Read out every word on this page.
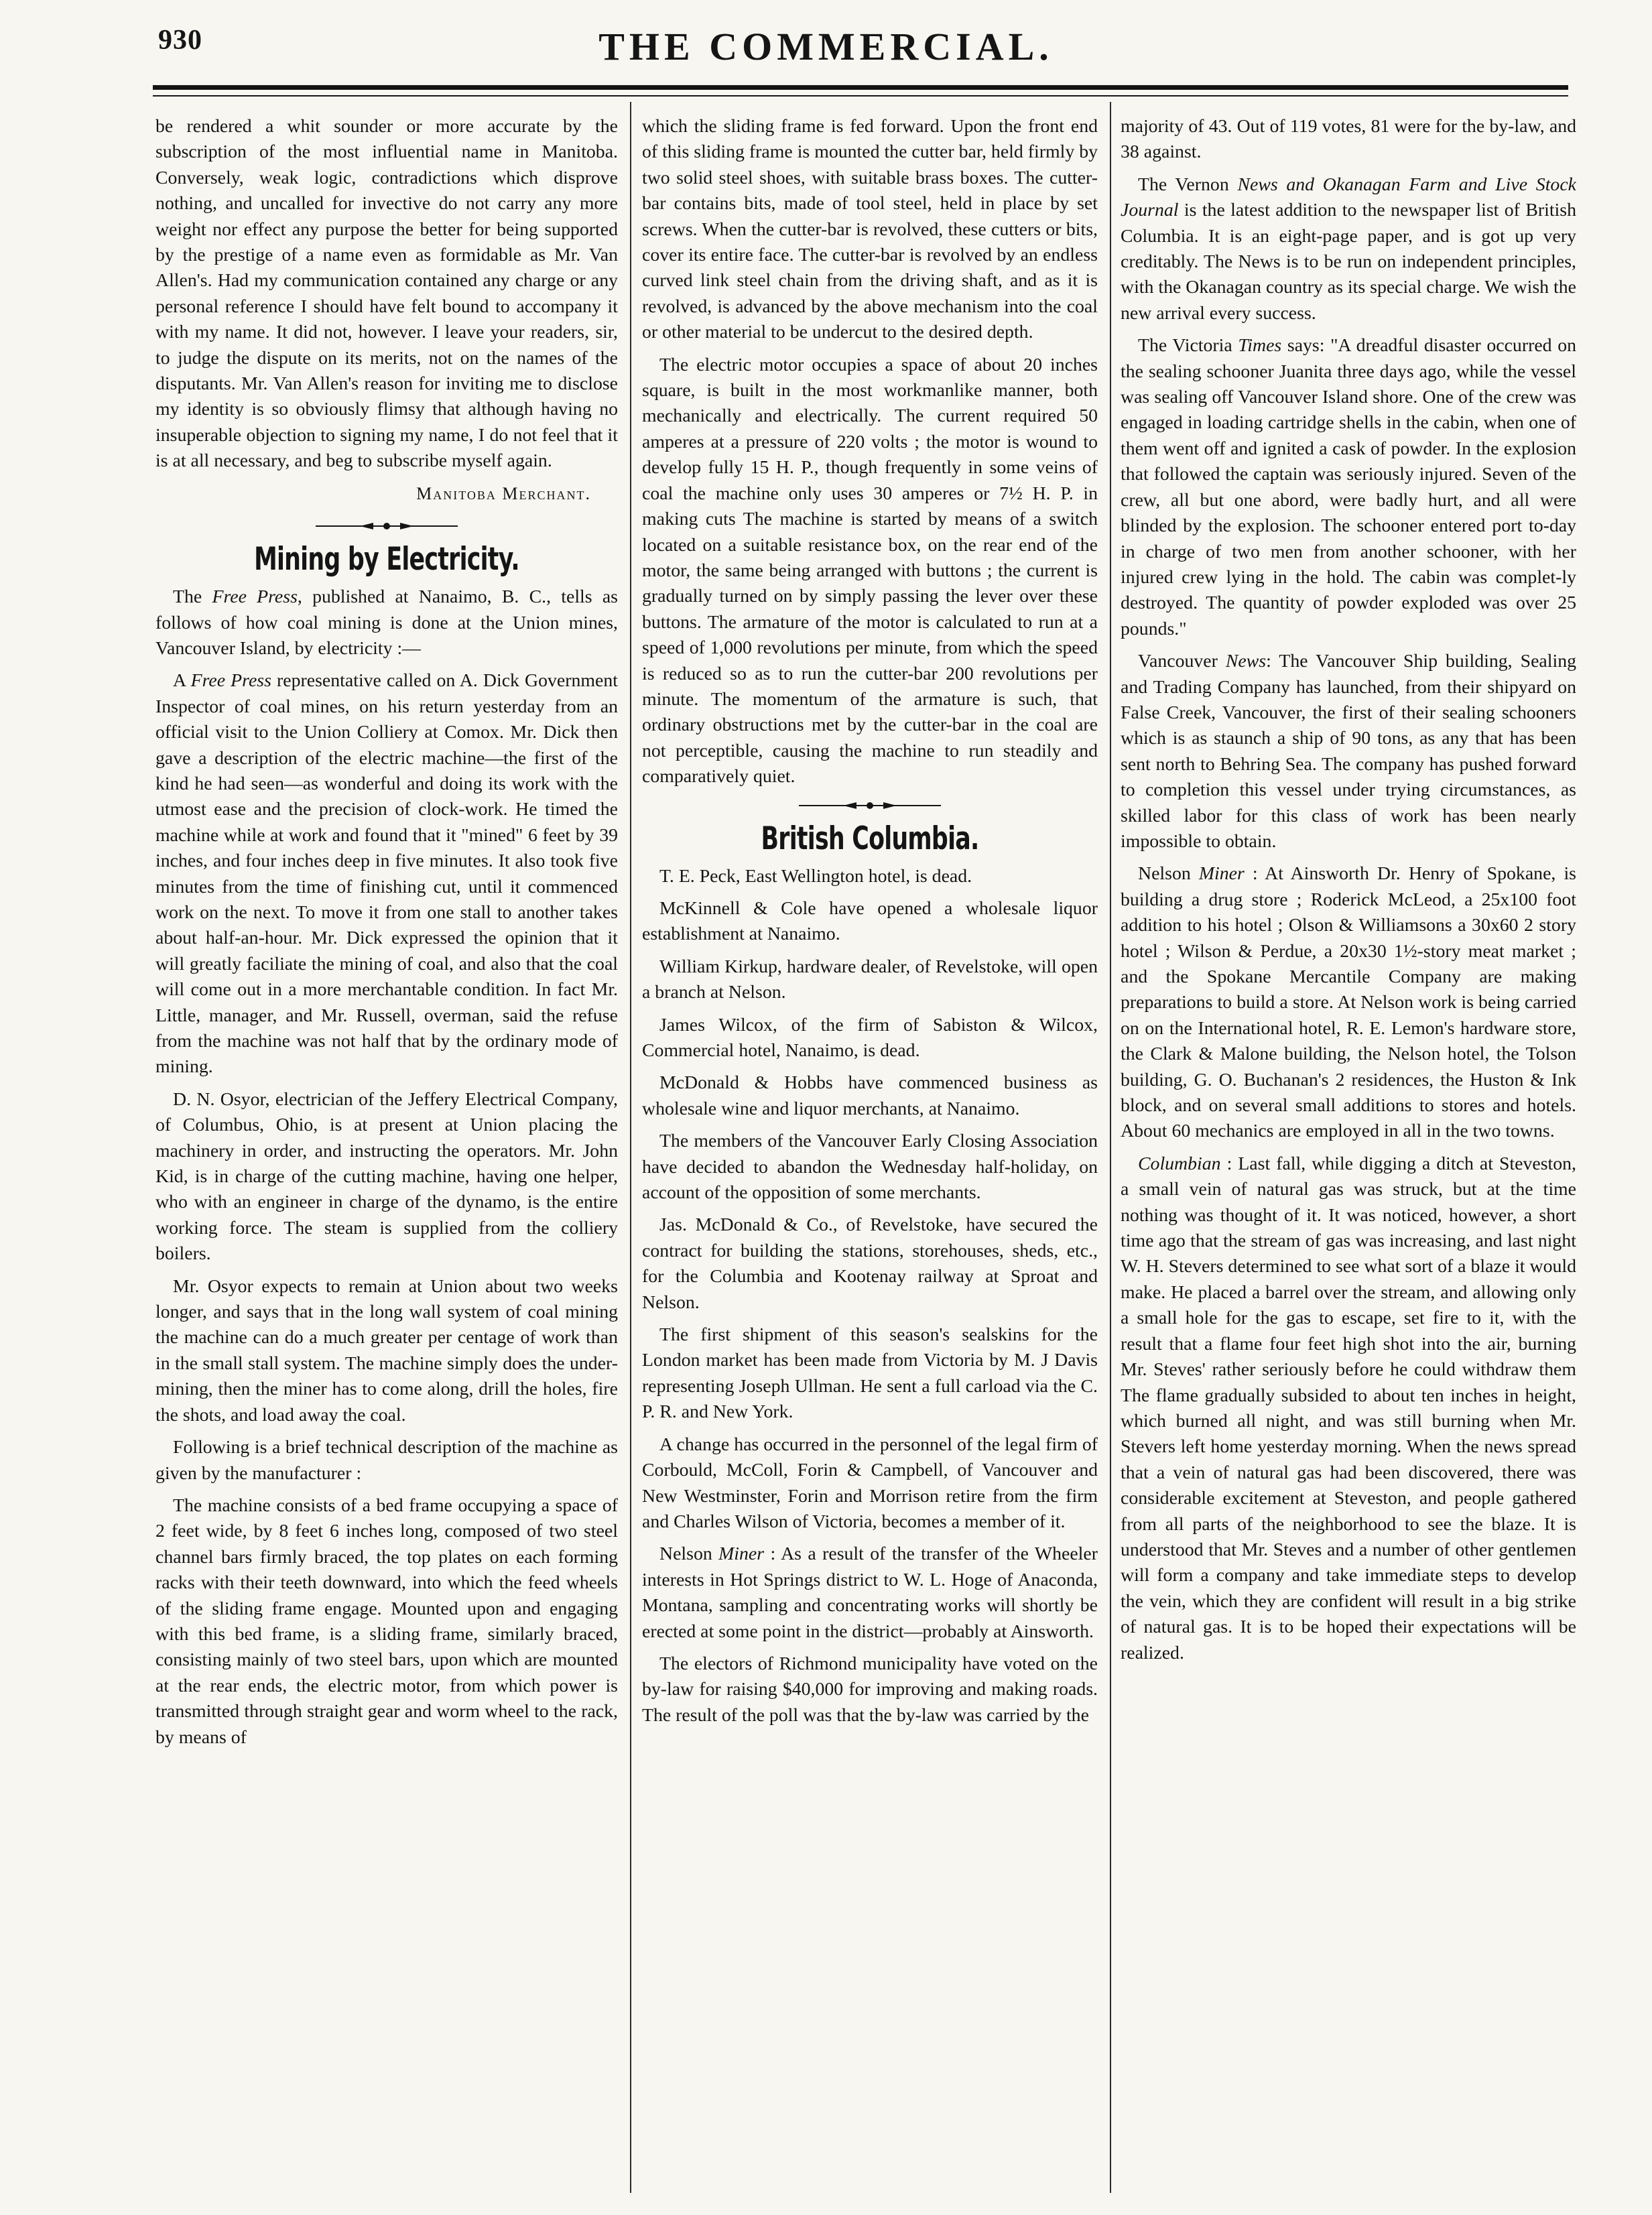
930	THE COMMERCIAL.

be rendered a whit sounder or more accurate by the subscription of the most influential name in Manitoba. Conversely, weak logic, contradictions which disprove nothing, and uncalled for invective do not carry any more weight nor effect any purpose the better for being supported by the prestige of a name even as formidable as Mr. Van Allen's. Had my communication contained any charge or any personal reference I should have felt bound to accompany it with my name. It did not, however. I leave your readers, sir, to judge the dispute on its merits, not on the names of the disputants. Mr. Van Allen's reason for inviting me to disclose my identity is so obviously flimsy that although having no insuperable objection to signing my name, I do not feel that it is at all necessary, and beg to subscribe myself again.

Manitoba Merchant.
Mining by Electricity.

The Free Press, published at Nanaimo, B. C., tells as follows of how coal mining is done at the Union mines, Vancouver Island, by electricity :—

A Free Press representative called on A. Dick Government Inspector of coal mines, on his return yesterday from an official visit to the Union Colliery at Comox. Mr. Dick then gave a description of the electric machine—the first of the kind he had seen—as wonderful and doing its work with the utmost ease and the precision of clock-work. He timed the machine while at work and found that it "mined" 6 feet by 39 inches, and four inches deep in five minutes. It also took five minutes from the time of finishing cut, until it commenced work on the next. To move it from one stall to another takes about half-an-hour. Mr. Dick expressed the opinion that it will greatly faciliate the mining of coal, and also that the coal will come out in a more merchantable condition. In fact Mr. Little, manager, and Mr. Russell, overman, said the refuse from the machine was not half that by the ordinary mode of mining.

D. N. Osyor, electrician of the Jeffery Electrical Company, of Columbus, Ohio, is at present at Union placing the machinery in order, and instructing the operators. Mr. John Kid, is in charge of the cutting machine, having one helper, who with an engineer in charge of the dynamo, is the entire working force. The steam is supplied from the colliery boilers.

Mr. Osyor expects to remain at Union about two weeks longer, and says that in the long wall system of coal mining the machine can do a much greater per centage of work than in the small stall system. The machine simply does the under-mining, then the miner has to come along, drill the holes, fire the shots, and load away the coal.

Following is a brief technical description of the machine as given by the manufacturer :

The machine consists of a bed frame occupying a space of 2 feet wide, by 8 feet 6 inches long, composed of two steel channel bars firmly braced, the top plates on each forming racks with their teeth downward, into which the feed wheels of the sliding frame engage. Mounted upon and engaging with this bed frame, is a sliding frame, similarly braced, consisting mainly of two steel bars, upon which are mounted at the rear ends, the electric motor, from which power is transmitted through straight gear and worm wheel to the rack, by means of

which the sliding frame is fed forward. Upon the front end of this sliding frame is mounted the cutter bar, held firmly by two solid steel shoes, with suitable brass boxes. The cutter-bar contains bits, made of tool steel, held in place by set screws. When the cutter-bar is revolved, these cutters or bits, cover its entire face. The cutter-bar is revolved by an endless curved link steel chain from the driving shaft, and as it is revolved, is advanced by the above mechanism into the coal or other material to be undercut to the desired depth.

The electric motor occupies a space of about 20 inches square, is built in the most workmanlike manner, both mechanically and electrically. The current required 50 amperes at a pressure of 220 volts ; the motor is wound to develop fully 15 H. P., though frequently in some veins of coal the machine only uses 30 amperes or 7½ H. P. in making cuts The machine is started by means of a switch located on a suitable resistance box, on the rear end of the motor, the same being arranged with buttons ; the current is gradually turned on by simply passing the lever over these buttons. The armature of the motor is calculated to run at a speed of 1,000 revolutions per minute, from which the speed is reduced so as to run the cutter-bar 200 revolutions per minute. The momentum of the armature is such, that ordinary obstructions met by the cutter-bar in the coal are not perceptible, causing the machine to run steadily and comparatively quiet.

British Columbia.

T. E. Peck, East Wellington hotel, is dead.

McKinnell & Cole have opened a wholesale liquor establishment at Nanaimo.

William Kirkup, hardware dealer, of Revelstoke, will open a branch at Nelson.

James Wilcox, of the firm of Sabiston & Wilcox, Commercial hotel, Nanaimo, is dead.

McDonald & Hobbs have commenced business as wholesale wine and liquor merchants, at Nanaimo.

The members of the Vancouver Early Closing Association have decided to abandon the Wednesday half-holiday, on account of the opposition of some merchants.

Jas. McDonald & Co., of Revelstoke, have secured the contract for building the stations, storehouses, sheds, etc., for the Columbia and Kootenay railway at Sproat and Nelson.

The first shipment of this season's sealskins for the London market has been made from Victoria by M. J Davis representing Joseph Ullman. He sent a full carload via the C. P. R. and New York.

A change has occurred in the personnel of the legal firm of Corbould, McColl, Forin & Campbell, of Vancouver and New Westminster, Forin and Morrison retire from the firm and Charles Wilson of Victoria, becomes a member of it.

Nelson Miner : As a result of the transfer of the Wheeler interests in Hot Springs district to W. L. Hoge of Anaconda, Montana, sampling and concentrating works will shortly be erected at some point in the district—probably at Ainsworth.

The electors of Richmond municipality have voted on the by-law for raising $40,000 for improving and making roads. The result of the poll was that the by-law was carried by the

majority of 43. Out of 119 votes, 81 were for the by-law, and 38 against.

The Vernon News and Okanagan Farm and Live Stock Journal is the latest addition to the newspaper list of British Columbia. It is an eight-page paper, and is got up very creditably. The News is to be run on independent principles, with the Okanagan country as its special charge. We wish the new arrival every success.

The Victoria Times says: "A dreadful disaster occurred on the sealing schooner Juanita three days ago, while the vessel was sealing off Vancouver Island shore. One of the crew was engaged in loading cartridge shells in the cabin, when one of them went off and ignited a cask of powder. In the explosion that followed the captain was seriously injured. Seven of the crew, all but one abord, were badly hurt, and all were blinded by the explosion. The schooner entered port to-day in charge of two men from another schooner, with her injured crew lying in the hold. The cabin was complet-ly destroyed. The quantity of powder exploded was over 25 pounds."

Vancouver News: The Vancouver Ship building, Sealing and Trading Company has launched, from their shipyard on False Creek, Vancouver, the first of their sealing schooners which is as staunch a ship of 90 tons, as any that has been sent north to Behring Sea. The company has pushed forward to completion this vessel under trying circumstances, as skilled labor for this class of work has been nearly impossible to obtain.

Nelson Miner : At Ainsworth Dr. Henry of Spokane, is building a drug store ; Roderick McLeod, a 25x100 foot addition to his hotel ; Olson & Williamsons a 30x60 2 story hotel ; Wilson & Perdue, a 20x30 1½-story meat market ; and the Spokane Mercantile Company are making preparations to build a store. At Nelson work is being carried on on the International hotel, R. E. Lemon's hardware store, the Clark & Malone building, the Nelson hotel, the Tolson building, G. O. Buchanan's 2 residences, the Huston & Ink block, and on several small additions to stores and hotels. About 60 mechanics are employed in all in the two towns.

Columbian : Last fall, while digging a ditch at Steveston, a small vein of natural gas was struck, but at the time nothing was thought of it. It was noticed, however, a short time ago that the stream of gas was increasing, and last night W. H. Stevers determined to see what sort of a blaze it would make. He placed a barrel over the stream, and allowing only a small hole for the gas to escape, set fire to it, with the result that a flame four feet high shot into the air, burning Mr. Steves' rather seriously before he could withdraw them The flame gradually subsided to about ten inches in height, which burned all night, and was still burning when Mr. Stevers left home yesterday morning. When the news spread that a vein of natural gas had been discovered, there was considerable excitement at Steveston, and people gathered from all parts of the neighborhood to see the blaze. It is understood that Mr. Steves and a number of other gentlemen will form a company and take immediate steps to develop the vein, which they are confident will result in a big strike of natural gas. It is to be hoped their expectations will be realized.
